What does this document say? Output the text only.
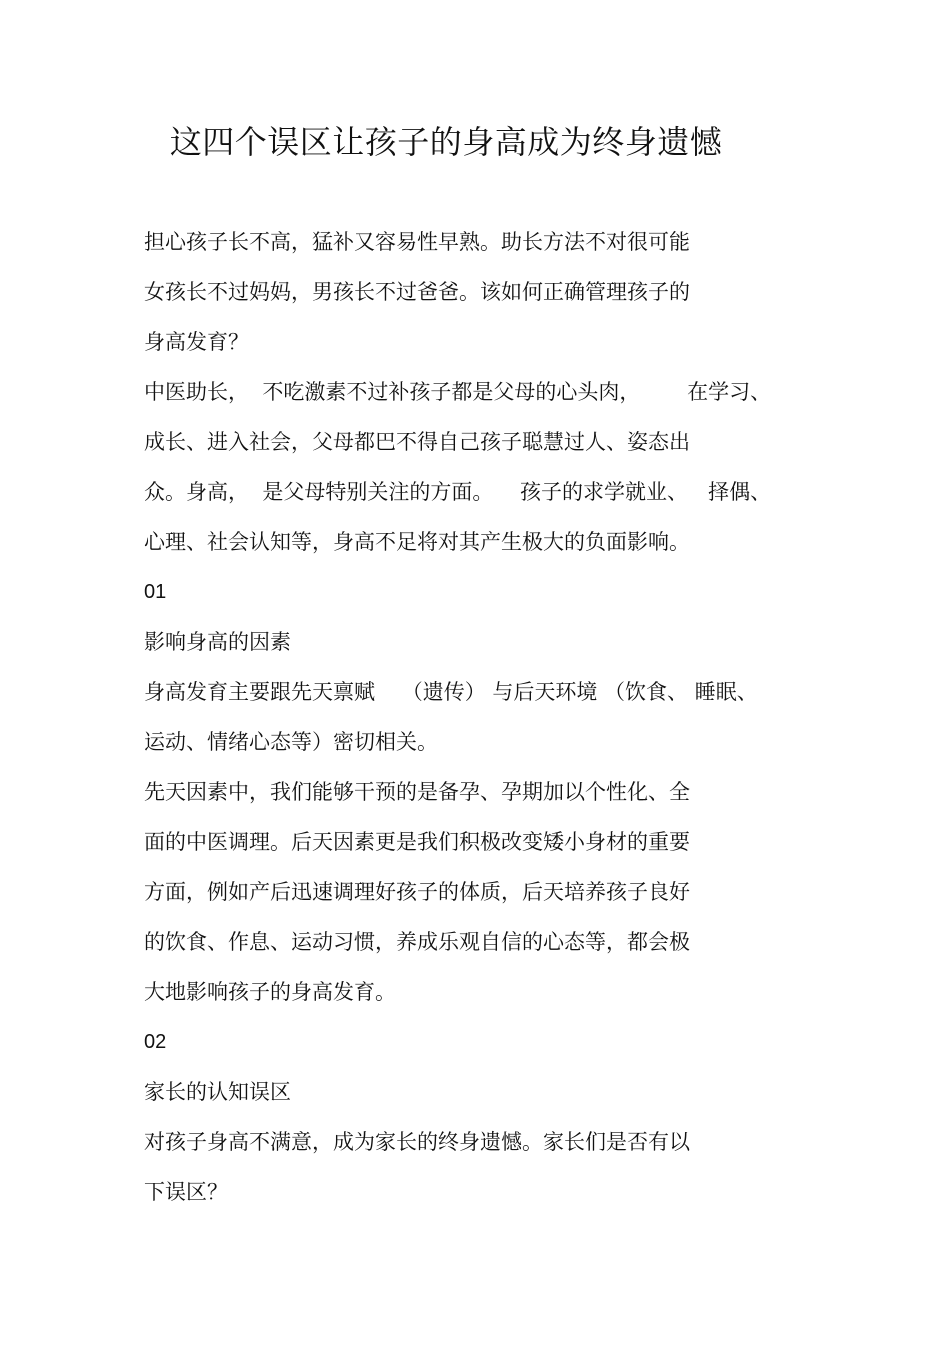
这四个误区让孩子的身高成为终身遗憾

担心孩子长不高，猛补又容易性早熟。助长方法不对很可能

女孩长不过妈妈，男孩长不过爸爸。该如何正确管理孩子的

身高发育？

中医助长，  不吃激素不过补孩子都是父母的心头肉，       在学习、

成长、进入社会，父母都巴不得自己孩子聪慧过人、姿态出

众。身高，  是父母特别关注的方面。    孩子的求学就业、   择偶、

心理、社会认知等，身高不足将对其产生极大的负面影响。

01

影响身高的因素

身高发育主要跟先天禀赋    （遗传） 与后天环境 （饮食、 睡眠、

运动、情绪心态等）密切相关。

先天因素中，我们能够干预的是备孕、孕期加以个性化、全

面的中医调理。后天因素更是我们积极改变矮小身材的重要

方面，例如产后迅速调理好孩子的体质，后天培养孩子良好

的饮食、作息、运动习惯，养成乐观自信的心态等，都会极

大地影响孩子的身高发育。

02

家长的认知误区

对孩子身高不满意，成为家长的终身遗憾。家长们是否有以

下误区？
